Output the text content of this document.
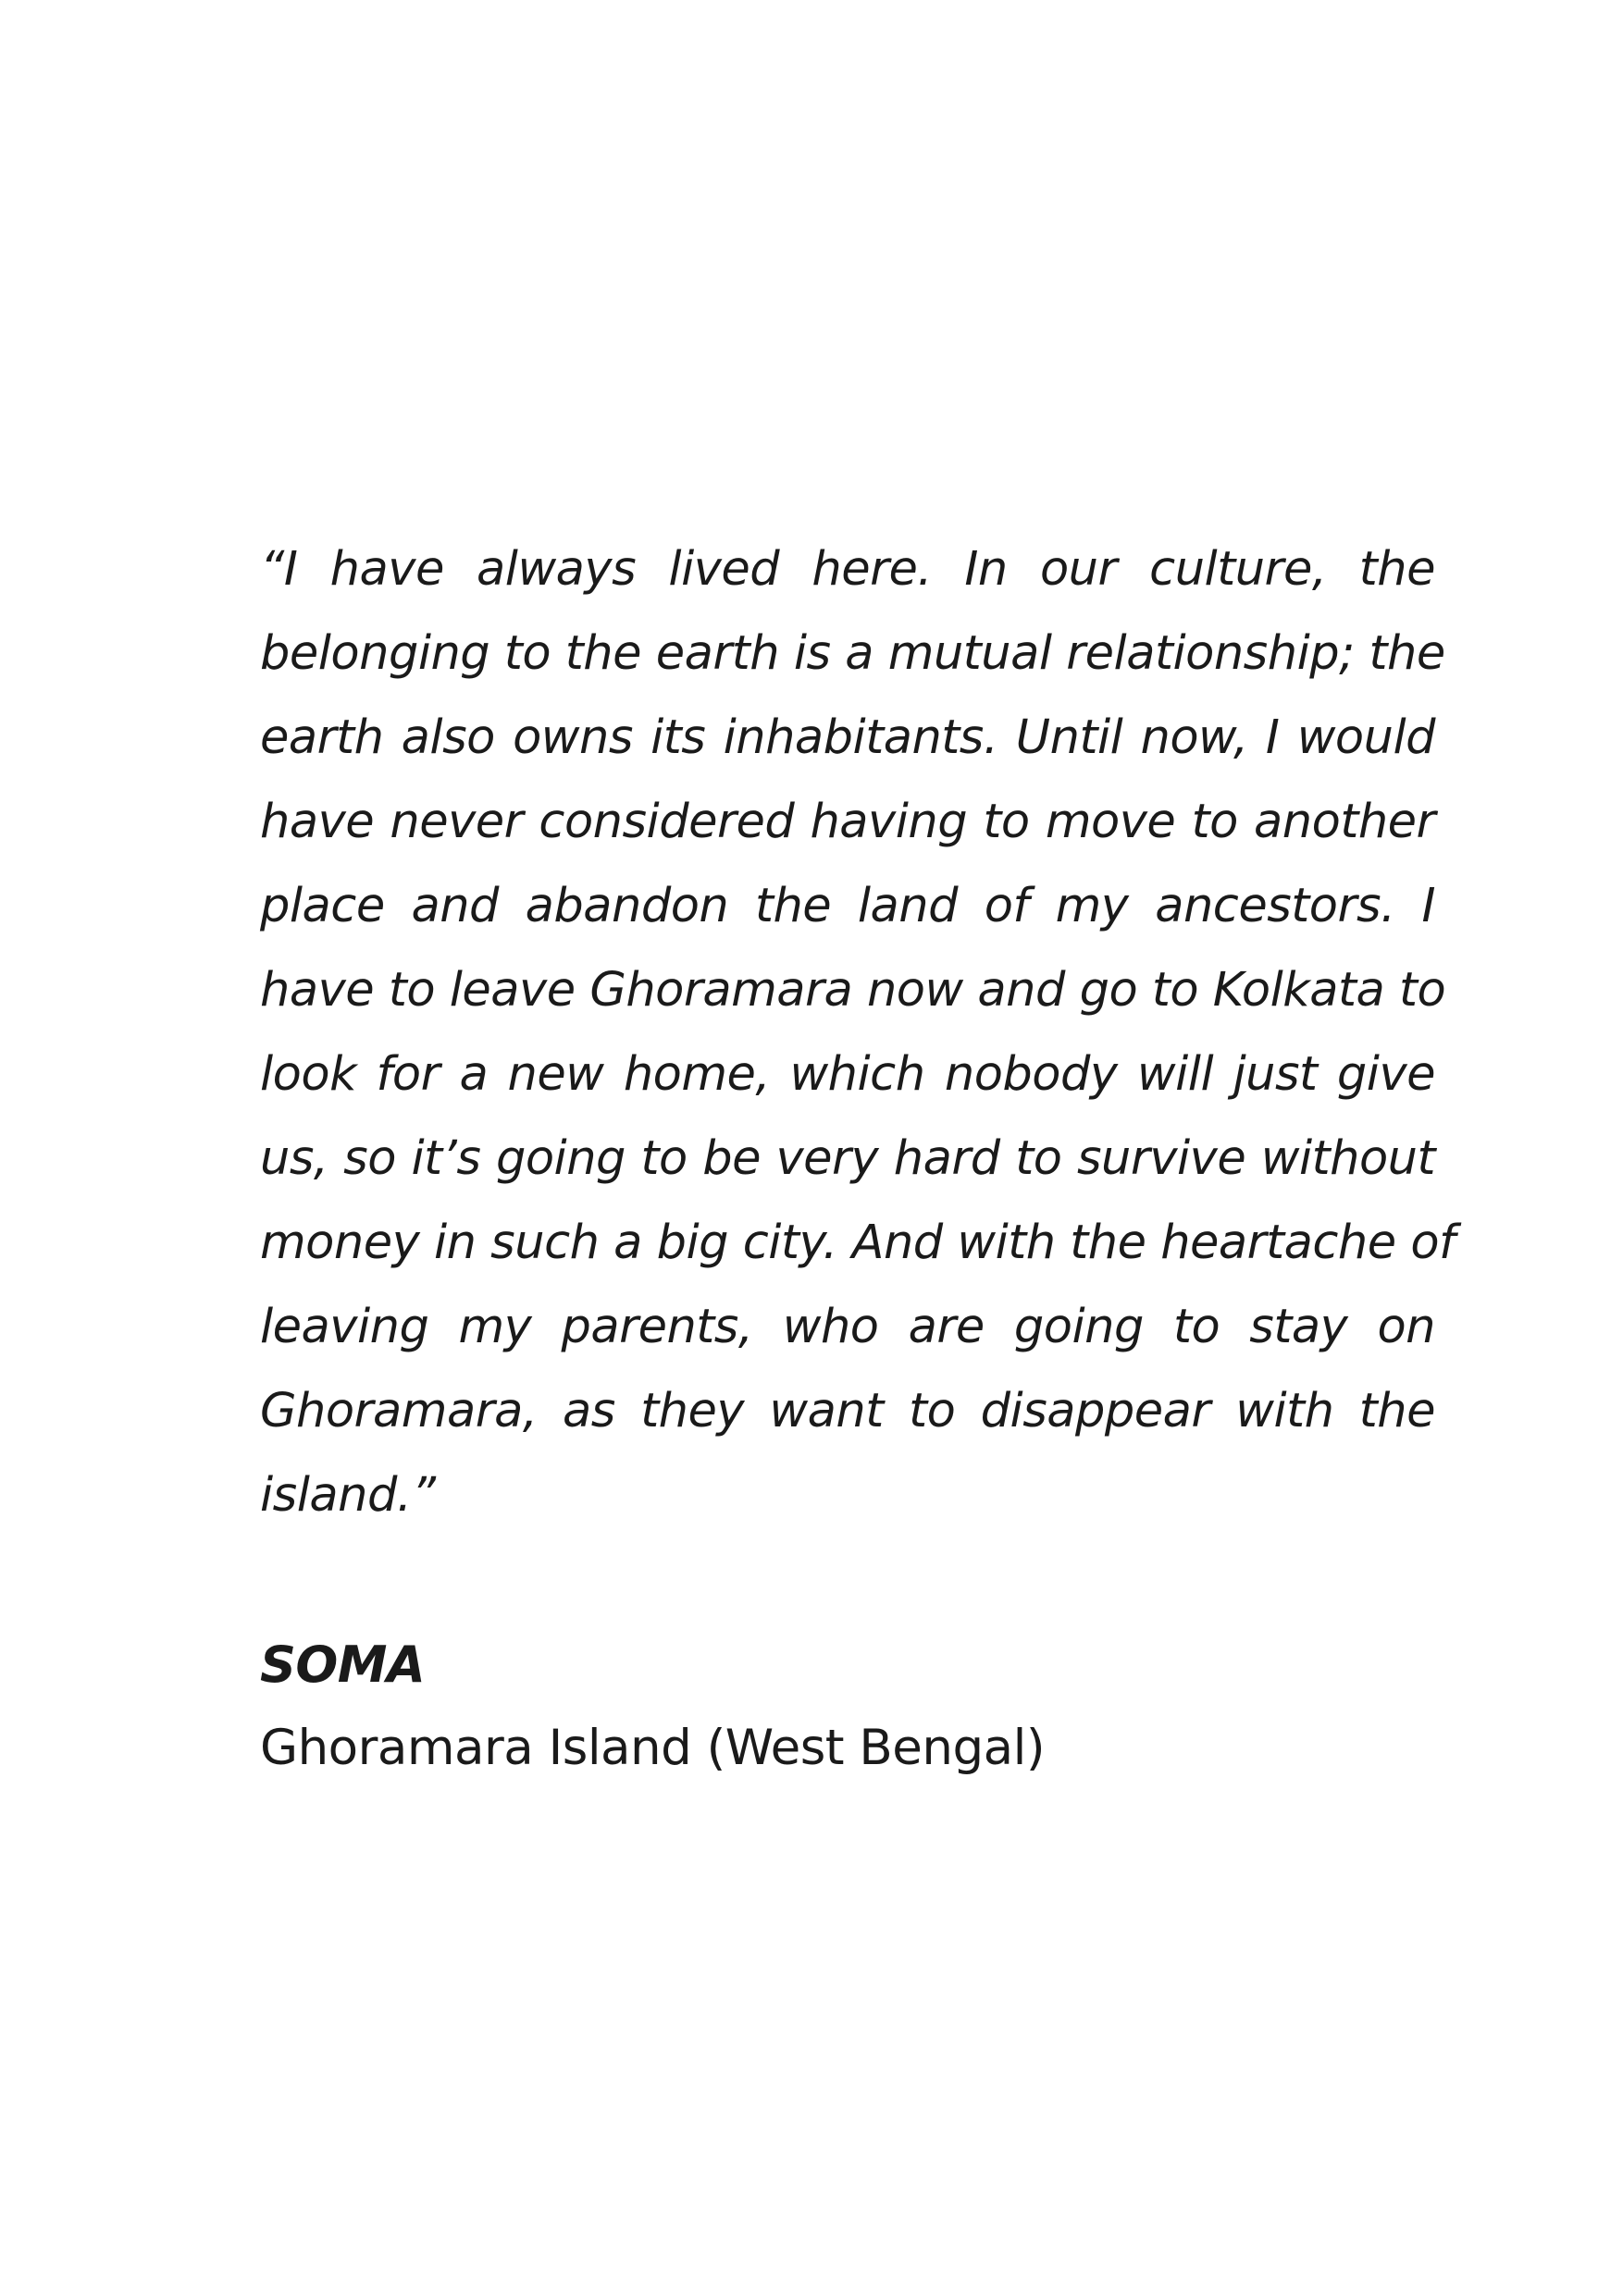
“I have always lived here. In our culture, the
belonging to the earth is a mutual relationship; the
earth also owns its inhabitants. Until now, I would
have never considered having to move to another
place and abandon the land of my ancestors. I
have to leave Ghoramara now and go to Kolkata to
look for a new home, which nobody will just give
us, so it’s going to be very hard to survive without
money in such a big city. And with the heartache of
leaving my parents, who are going to stay on
Ghoramara, as they want to disappear with the
island.”
SOMA
Ghoramara Island (West Bengal)
